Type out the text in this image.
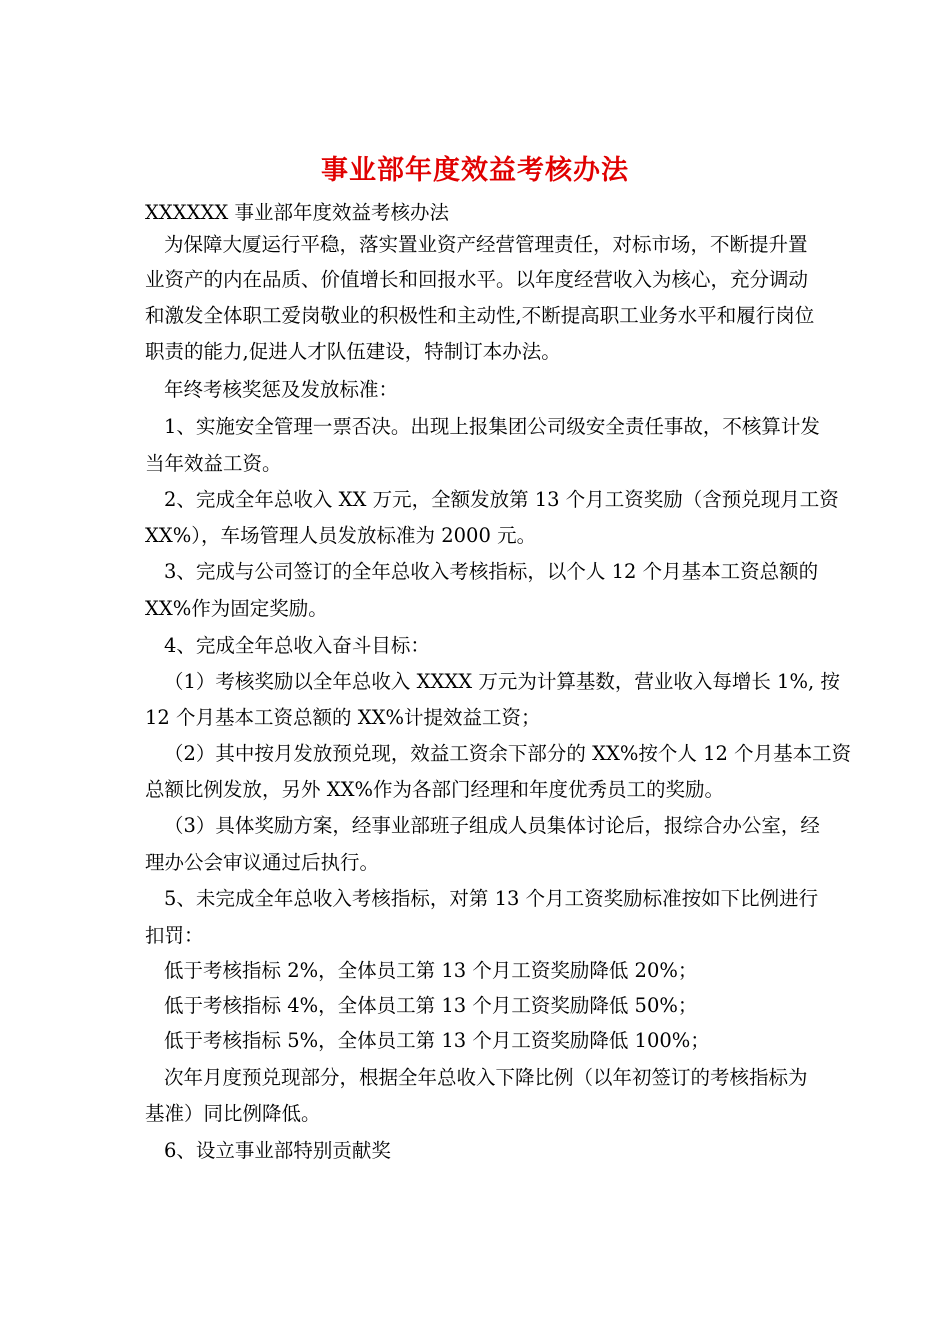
事业部年度效益考核办法
XXXXXX 事业部年度效益考核办法
为保障大厦运行平稳，落实置业资产经营管理责任，对标市场，不断提升置
业资产的内在品质、价值增长和回报水平。以年度经营收入为核心，充分调动
和激发全体职工爱岗敬业的积极性和主动性,不断提高职工业务水平和履行岗位
职责的能力,促进人才队伍建设，特制订本办法。
年终考核奖惩及发放标准：
1、实施安全管理一票否决。出现上报集团公司级安全责任事故，不核算计发
当年效益工资。
2、完成全年总收入 XX 万元，全额发放第 13 个月工资奖励（含预兑现月工资
XX%），车场管理人员发放标准为 2000 元。
3、完成与公司签订的全年总收入考核指标，以个人 12 个月基本工资总额的
XX%作为固定奖励。
4、完成全年总收入奋斗目标：
（1）考核奖励以全年总收入 XXXX 万元为计算基数，营业收入每增长 1%, 按
12 个月基本工资总额的 XX%计提效益工资；
（2）其中按月发放预兑现，效益工资余下部分的 XX%按个人 12 个月基本工资
总额比例发放，另外 XX%作为各部门经理和年度优秀员工的奖励。
（3）具体奖励方案，经事业部班子组成人员集体讨论后，报综合办公室，经
理办公会审议通过后执行。
5、未完成全年总收入考核指标，对第 13 个月工资奖励标准按如下比例进行
扣罚：
低于考核指标 2%，全体员工第 13 个月工资奖励降低 20%；
低于考核指标 4%，全体员工第 13 个月工资奖励降低 50%；
低于考核指标 5%，全体员工第 13 个月工资奖励降低 100%；
次年月度预兑现部分，根据全年总收入下降比例（以年初签订的考核指标为
基准）同比例降低。
6、设立事业部特别贡献奖
